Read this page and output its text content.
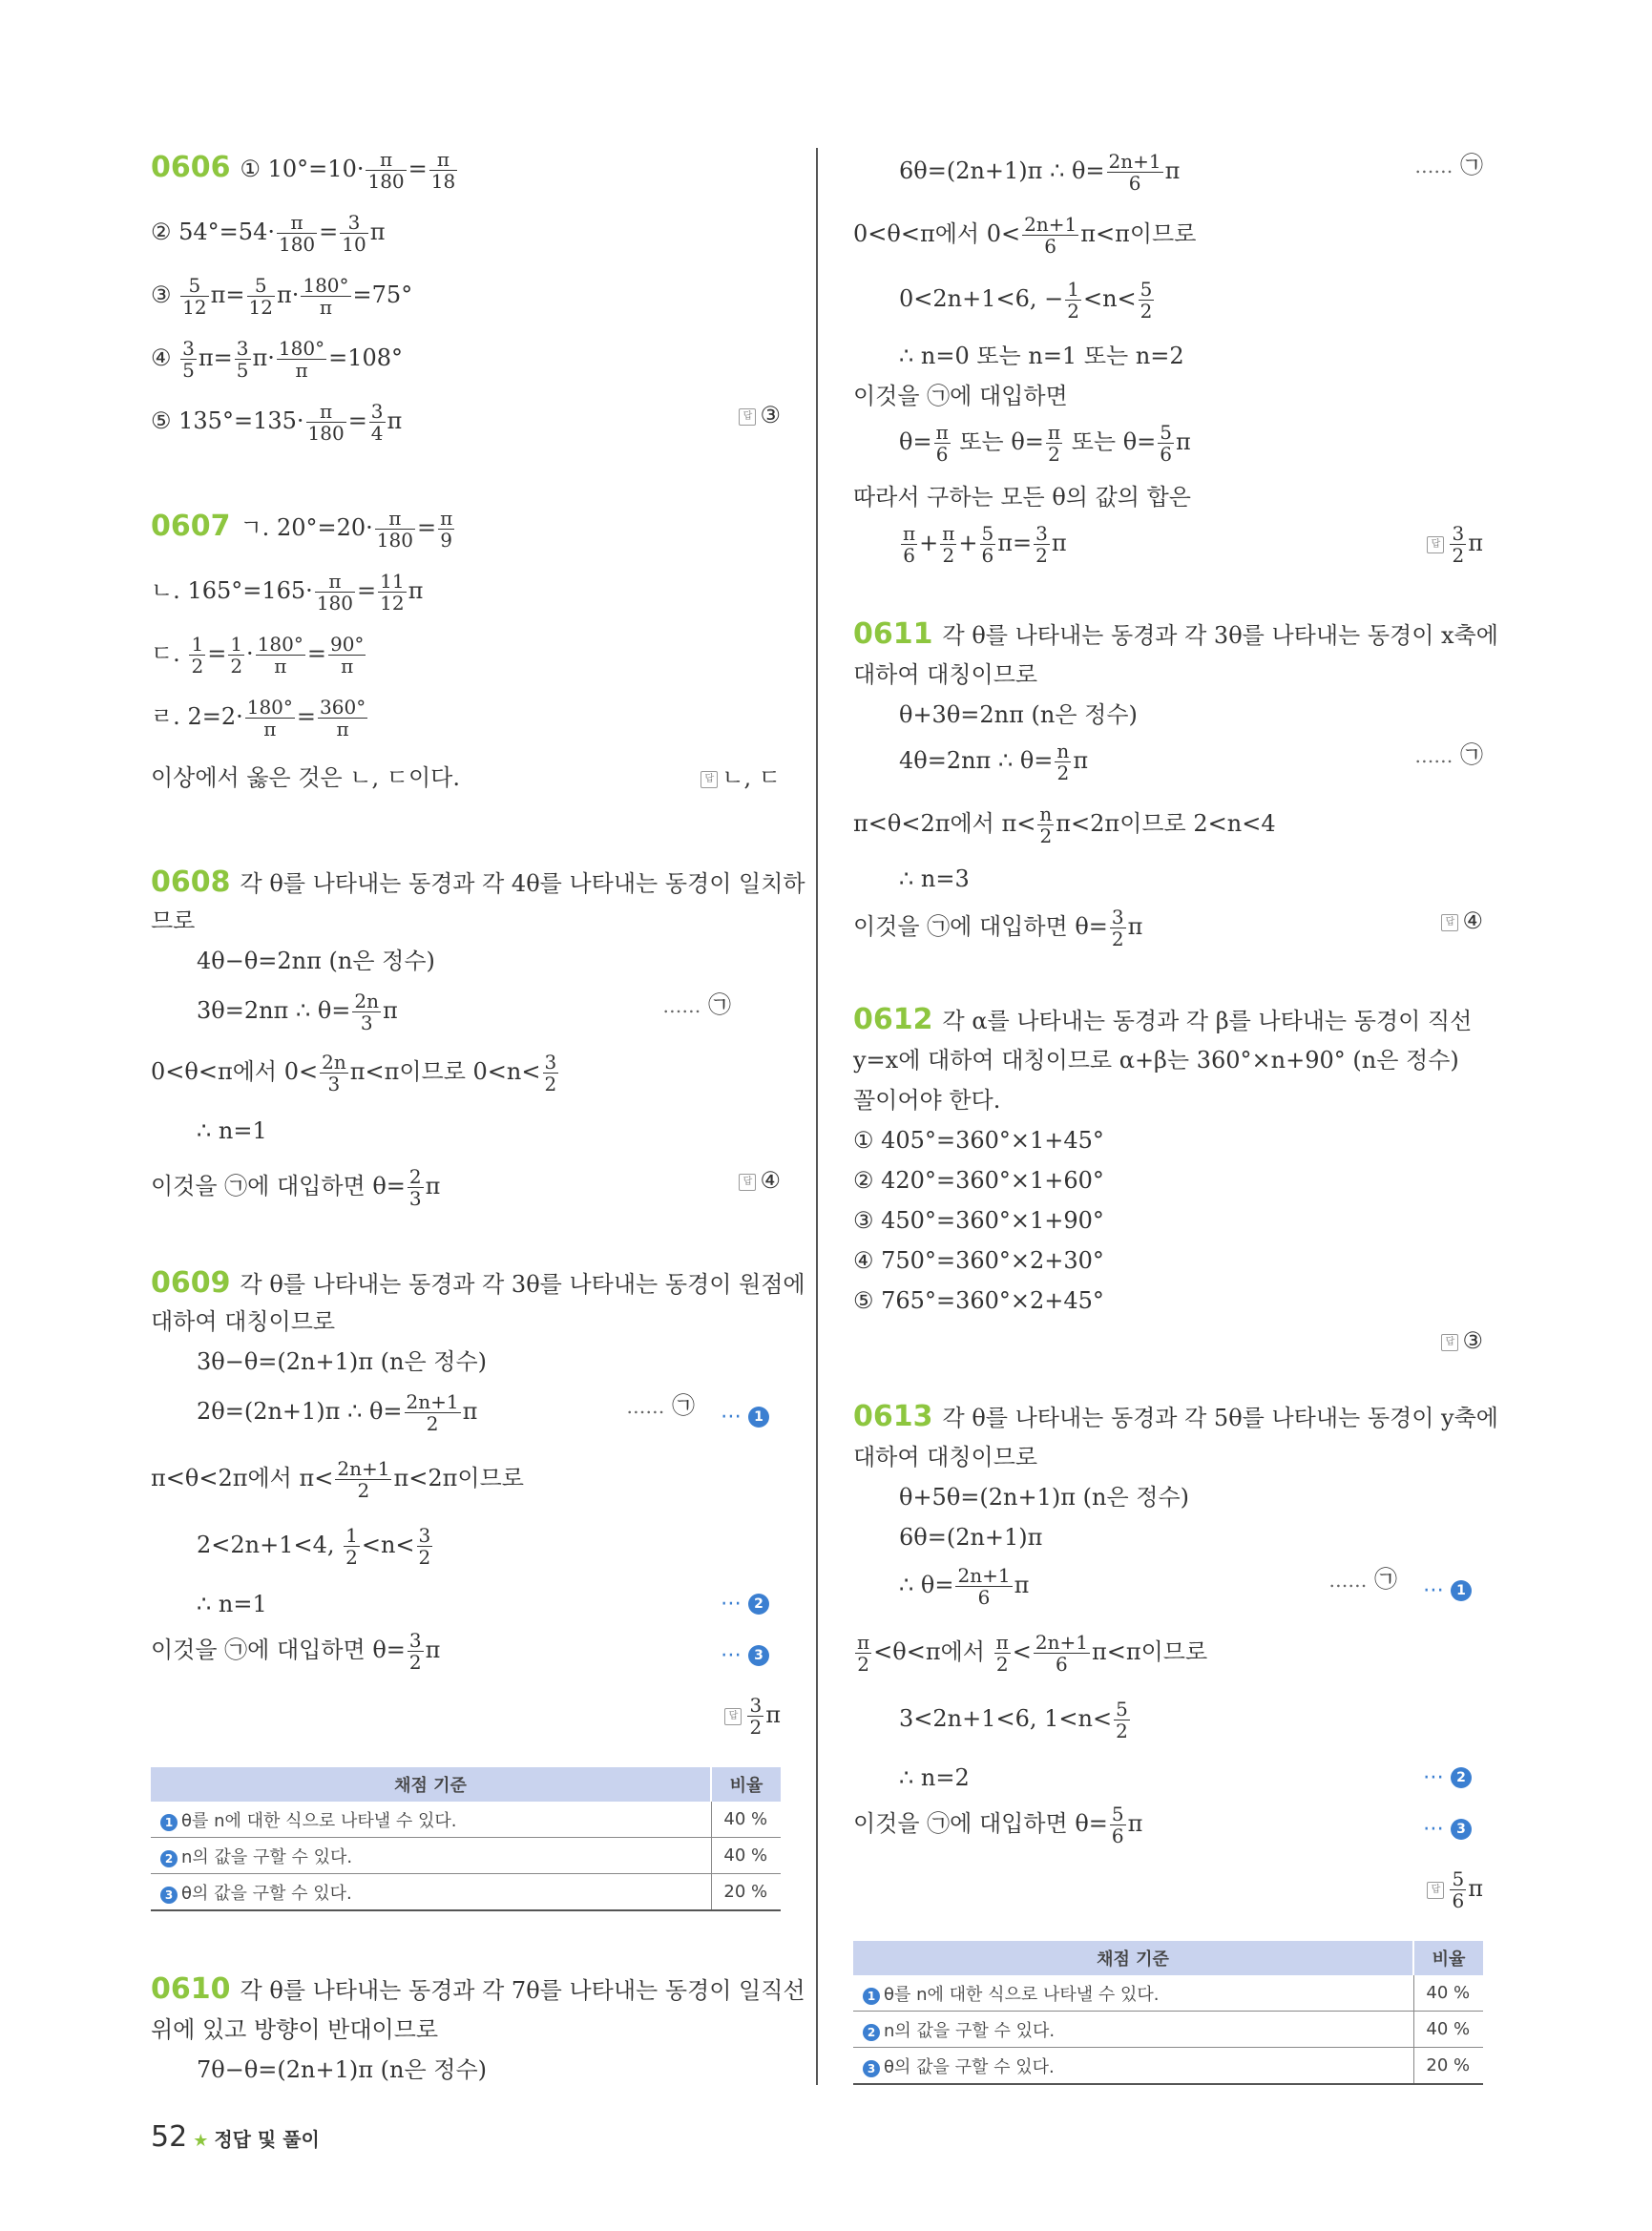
0606 ① $10^\circ=10\cdot \frac{\pi}{180} = \frac{\pi}{18}$
② $54^\circ=54\cdot \frac{\pi}{180} = \frac{3}{10}$ π
③ $\frac{5}{12} \pi= \frac{5}{12} \pi\cdot \frac{180^\circ}{\pi} =75^\circ$
④ $\frac{3}{5} \pi= \frac{3}{5} \pi\cdot \frac{180^\circ}{\pi} =108^\circ$
⑤ $135^\circ=135\cdot \frac{\pi}{180} = \frac{3}{4}$ π	답 ③
0607 ㄱ. $20^\circ=20\cdot \frac{\pi}{180} = \frac{\pi}{9}$
ㄴ. $165^\circ=165\cdot \frac{\pi}{180} = \frac{11}{12}$ π
ㄷ. $\frac{1}{2} = \frac{1}{2} \cdot \frac{180^\circ}{\pi} = \frac{90^\circ}{\pi}$
ㄹ. $2=2\cdot \frac{180^\circ}{\pi} = \frac{360^\circ}{\pi}$
이상에서 옳은 것은 ㄴ, ㄷ이다.	답 ㄴ, ㄷ
0608 각 θ를 나타내는 동경과 각 4θ를 나타내는 동경이 일치하
므로
4θ−θ=2nπ (n은 정수)
3θ=2nπ ∴ $\theta= \frac{2n}{3}$ π	…… ㉠
0<θ<π에서 $0< \frac{2n}{3} \pi<\pi$이므로 $0<n< \frac{3}{2}$
∴ n=1
이것을 ㉠에 대입하면 $\theta= \frac{2}{3}$ π	답 ④
0609 각 θ를 나타내는 동경과 각 3θ를 나타내는 동경이 원점에
대하여 대칭이므로
3θ−θ=(2n+1)π (n은 정수)
2θ=(2n+1)π ∴ $\theta= \frac{2n+1}{2}$ π	…… ㉠ ⋯ 1
π<θ<2π에서 $\pi< \frac{2n+1}{2} \pi<2\pi$이므로
2<2n+1<4, $\frac{1}{2} <n< \frac{3}{2}$
∴ n=1	⋯ 2
이것을 ㉠에 대입하면 $\theta= \frac{3}{2}$ π	⋯ 3
답 $\frac{3}{2}$ π
채점 기준	비율
1 θ를 n에 대한 식으로 나타낼 수 있다.	40 %
2 n의 값을 구할 수 있다.	40 %
3 θ의 값을 구할 수 있다.	20 %
0610 각 θ를 나타내는 동경과 각 7θ를 나타내는 동경이 일직선
위에 있고 방향이 반대이므로
7θ−θ=(2n+1)π (n은 정수)
6θ=(2n+1)π ∴ $\theta= \frac{2n+1}{6}$ π	…… ㉠
0<θ<π에서 $0< \frac{2n+1}{6} \pi<\pi$이므로
0<2n+1<6, − $\frac{1}{2} <n< \frac{5}{2}$
∴ n=0 또는 n=1 또는 n=2
이것을 ㉠에 대입하면
$\theta= \frac{\pi}{6}$ 또는 $\theta= \frac{\pi}{2}$ 또는 $\theta= \frac{5}{6}$ π
따라서 구하는 모든 θ의 값의 합은
$\frac{\pi}{6} + \frac{\pi}{2} + \frac{5}{6} \pi= \frac{3}{2}$ π	답 $\frac{3}{2}$ π
0611 각 θ를 나타내는 동경과 각 3θ를 나타내는 동경이 x축에
대하여 대칭이므로
θ+3θ=2nπ (n은 정수)
4θ=2nπ ∴ $\theta= \frac{n}{2}$ π	…… ㉠
π<θ<2π에서 $\pi< \frac{n}{2} \pi<2\pi$이므로 2<n<4
∴ n=3
이것을 ㉠에 대입하면 $\theta= \frac{3}{2}$ π	답 ④
0612 각 α를 나타내는 동경과 각 β를 나타내는 동경이 직선
y=x에 대하여 대칭이므로 α+β는 360°×n+90° (n은 정수)
꼴이어야 한다.
① 405°=360°×1+45°
② 420°=360°×1+60°
③ 450°=360°×1+90°
④ 750°=360°×2+30°
⑤ 765°=360°×2+45°
답 ③
0613 각 θ를 나타내는 동경과 각 5θ를 나타내는 동경이 y축에
대하여 대칭이므로
θ+5θ=(2n+1)π (n은 정수)
6θ=(2n+1)π
∴ $\theta= \frac{2n+1}{6}$ π	…… ㉠ ⋯ 1
$\frac{\pi}{2} <\theta<\pi$에서 $\frac{\pi}{2} < \frac{2n+1}{6} \pi<\pi$이므로
3<2n+1<6, $1<n< \frac{5}{2}$
∴ n=2	⋯ 2
이것을 ㉠에 대입하면 $\theta= \frac{5}{6}$ π	⋯ 3
답 $\frac{5}{6}$ π
채점 기준	비율
1 θ를 n에 대한 식으로 나타낼 수 있다.	40 %
2 n의 값을 구할 수 있다.	40 %
3 θ의 값을 구할 수 있다.	20 %
52 ★ 정답 및 풀이
